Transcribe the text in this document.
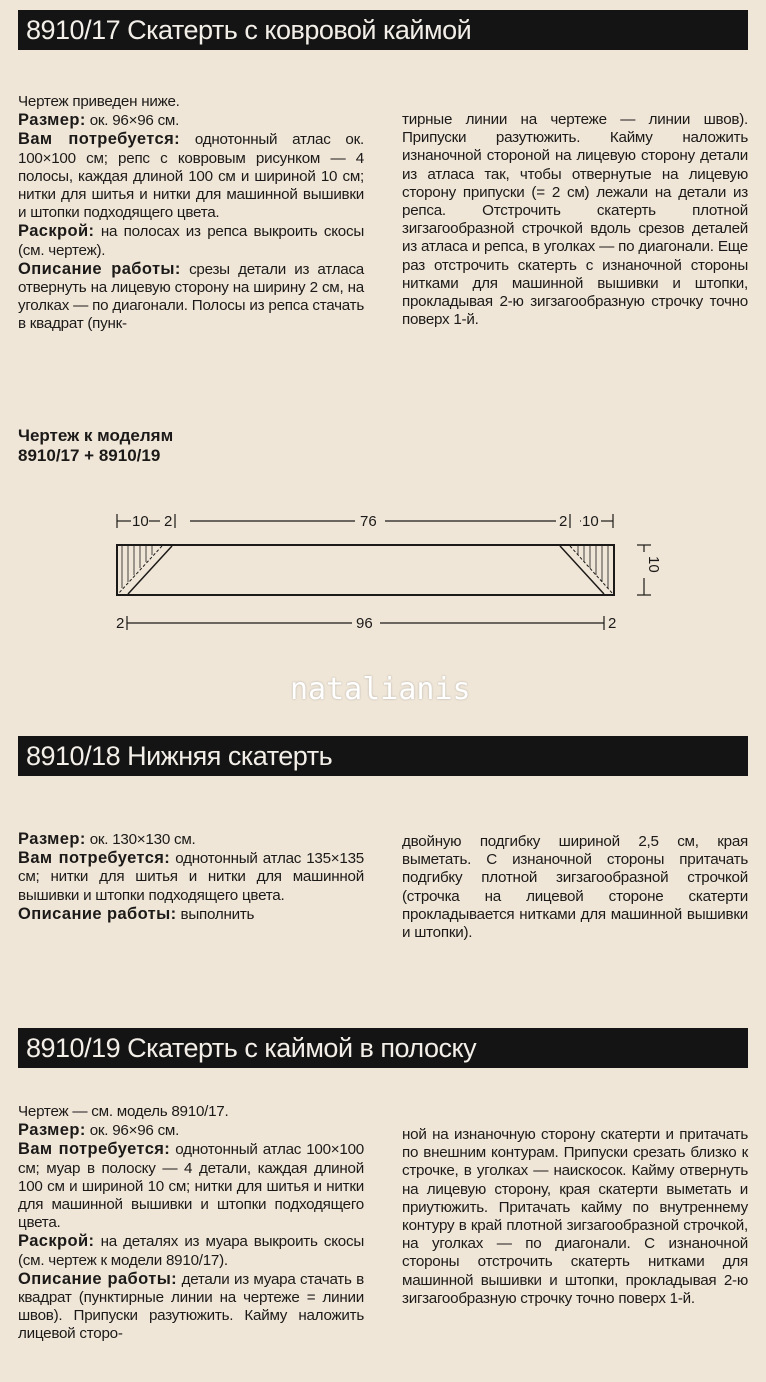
8910/17 Скатерть с ковровой каймой

Чертеж приведен ниже.

Размер: ок. 96×96 см.

Вам потребуется: однотонный атлас ок. 100×100 см; репс с ковровым рисунком — 4 полосы, каждая длиной 100 см и шириной 10 см; нитки для шитья и нитки для машинной вышивки и штопки подходящего цвета.

Раскрой: на полосах из репса выкроить скосы (см. чертеж).

Описание работы: срезы детали из атласа отвернуть на лицевую сторону на ширину 2 см, на уголках — по диагонали. Полосы из репса стачать в квадрат (пунк-

тирные линии на чертеже — линии швов). Припуски разутюжить. Кайму наложить изнаночной стороной на лицевую сторону детали из атласа так, чтобы отвернутые на лицевую сторону припуски (= 2 см) лежали на детали из репса. Отстрочить скатерть плотной зигзагообразной строчкой вдоль срезов деталей из атласа и репса, в уголках — по диагонали. Еще раз отстрочить скатерть с изнаночной стороны нитками для машинной вышивки и штопки, прокладывая 2-ю зигзагообразную строчку точно поверх 1-й.

Чертеж к моделям
8910/17 + 8910/19
10 2	76	2 10
10
2	96	2
natalianis
8910/18 Нижняя скатерть

Размер: ок. 130×130 см.

Вам потребуется: однотонный атлас 135×135 см; нитки для шитья и нитки для машинной вышивки и штопки подходящего цвета.

Описание работы: выполнить

двойную подгибку шириной 2,5 см, края выметать. С изнаночной стороны притачать подгибку плотной зигзагообразной строчкой (строчка на лицевой стороне скатерти прокладывается нитками для машинной вышивки и штопки).

8910/19 Скатерть с каймой в полоску

Чертеж — см. модель 8910/17.

Размер: ок. 96×96 см.

Вам потребуется: однотонный атлас 100×100 см; муар в полоску — 4 детали, каждая длиной 100 см и шириной 10 см; нитки для шитья и нитки для машинной вышивки и штопки подходящего цвета.

Раскрой: на деталях из муара выкроить скосы (см. чертеж к модели 8910/17).

Описание работы: детали из муара стачать в квадрат (пунктирные линии на чертеже = линии швов). Припуски разутюжить. Кайму наложить лицевой сторо-

ной на изнаночную сторону скатерти и притачать по внешним контурам. Припуски срезать близко к строчке, в уголках — наискосок. Кайму отвернуть на лицевую сторону, края скатерти выметать и приутюжить. Притачать кайму по внутреннему контуру в край плотной зигзагообразной строчкой, на уголках — по диагонали. С изнаночной стороны отстрочить скатерть нитками для машинной вышивки и штопки, прокладывая 2-ю зигзагообразную строчку точно поверх 1-й.
